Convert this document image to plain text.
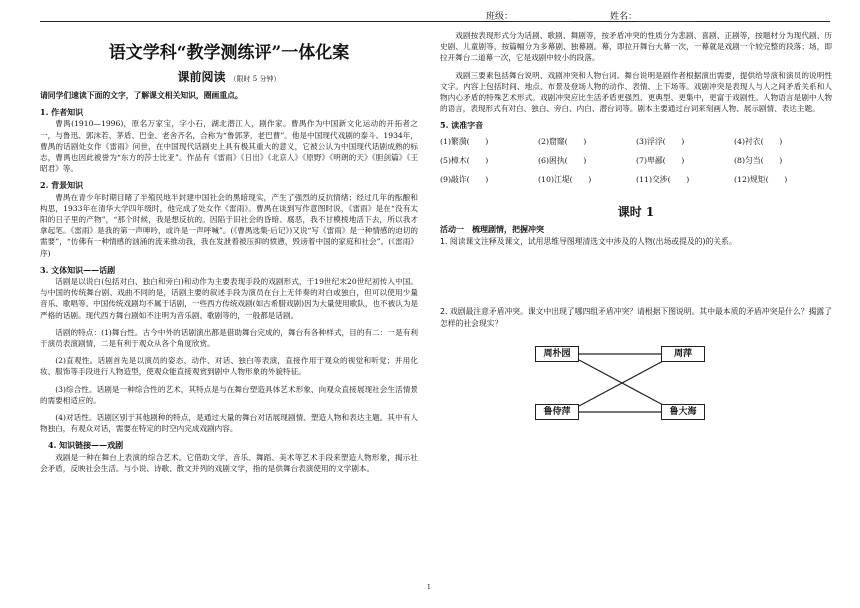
班级：	姓名：
语文学科“教学测练评”一体化案
课前阅读 （限时 5 分钟）
请同学们速读下面的文字，了解课文相关知识，圈画重点。
1. 作者知识
曹禺(1910—1996)，原名万家宝，字小石，湖北潜江人，剧作家。曹禺作为中国新文化运动的开拓者之一，与鲁迅、郭沫若、茅盾、巴金、老舍齐名，合称为“鲁郭茅，老巴曹”。他是中国现代戏剧的泰斗。1934年，曹禺的话剧处女作《雷雨》问世，在中国现代话剧史上具有极其重大的意义，它被公认为中国现代话剧成熟的标志，曹禺也因此被誉为“东方的莎士比亚”。作品有《雷雨》《日出》《北京人》《原野》《明朗的天》《胆剑篇》《王昭君》等。
2. 背景知识
曹禺在青少年时期目睹了半殖民地半封建中国社会的黑暗现实，产生了强烈的反抗情绪；经过几年的酝酿和构思，1933年在清华大学四年级时，他完成了处女作《雷雨》。曹禺在谈到写作意图时说，《雷雨》是在“没有太阳的日子里的产物”，“那个时候，我是想反抗的。因陷于旧社会的昏暗、腐恶，我不甘模棱地活下去，所以我才拿起笔。《雷雨》是我的第一声呻吟，或许是一声呼喊”。(《曹禺选集·后记》)又说“写《雷雨》是一种情感的迫切的需要”，“仿佛有一种情感的汹涌的流来推动我，我在发泄着被压抑的愤懑，毁谤着中国的家庭和社会”。(《雷雨》序)
3. 文体知识——话剧
话剧是以说白(包括对白、独白和旁白)和动作为主要表现手段的戏剧形式，于19世纪末20世纪初传入中国。与中国的传统舞台剧、戏曲不同的是，话剧主要的叙述手段为演员在台上无伴奏的对白或独白，但可以使用少量音乐、歌唱等。中国传统戏剧均不属于话剧，一些西方传统戏剧(如古希腊戏剧)因为大量使用歌队，也不被认为是严格的话剧。现代西方舞台剧如不注明为音乐剧、歌剧等的，一般都是话剧。
话剧的特点：(1)舞台性。古今中外的话剧演出都是借助舞台完成的，舞台有各种样式，目的有二：一是有利于演员表演剧情，二是有利于观众从各个角度欣赏。
(2)直观性。话剧首先是以演员的姿态、动作、对话、独白等表演，直接作用于观众的视觉和听觉；并用化妆、服饰等手段进行人物造型，使观众能直接观赏到剧中人物形象的外貌特征。
(3)综合性。话剧是一种综合性的艺术，其特点是与在舞台塑造具体艺术形象、向观众直接展现社会生活情景的需要相适应的。
(4)对话性。话剧区别于其他剧种的特点，是通过大量的舞台对话展现剧情、塑造人物和表达主题。其中有人物独白，有观众对话，需要在特定的时空内完成戏剧内容。
4. 知识链接——戏剧
戏剧是一种在舞台上表演的综合艺术。它借助文学、音乐、舞蹈、美术等艺术手段来塑造人物形象，揭示社会矛盾，反映社会生活。与小说、诗歌、散文并列的戏剧文学，指的是供舞台表演使用的文学剧本。
戏剧按表现形式分为话剧、歌剧、舞剧等，按矛盾冲突的性质分为悲剧、喜剧、正剧等，按题材分为现代剧、历史剧、儿童剧等，按篇幅分为多幕剧、独幕剧。幕，即拉开舞台大幕一次，一幕就是戏剧一个较完整的段落；场，即拉开舞台二道幕一次，它是戏剧中较小的段落。
戏剧三要素包括舞台说明、戏剧冲突和人物台词。舞台说明是剧作者根据演出需要，提供给导演和演员的说明性文字。内容上包括时间、地点、布景及登场人物的动作、表情、上下场等。戏剧冲突是表现人与人之间矛盾关系和人物内心矛盾的特殊艺术形式。戏剧冲突应比生活矛盾更强烈、更典型、更集中，更富于戏剧性。人物语言是剧中人物的语言，表现形式有对白、独白、旁白、内白、潜台词等。剧本主要通过台词来刻画人物、展示剧情、表达主题。
5. 读准字音
(1)繁漪(　　)	(2)窟窿(　　)	(3)浮浮(　　)	(4)衬衣(　　)
(5)樟木(　　)	(6)困执(　　)	(7)卑鄙(　　)	(8)匀当(　　)
(9)敲诈(　　)	(10)江堤(　　)	(11)交涉(　　)	(12)规矩(　　)
课时 1
活动一 梳理剧情，把握冲突
1. 阅读课文注释及课文，试用思维导图理清选文中涉及的人物(出场或提及的)的关系。
2. 戏剧最注意矛盾冲突。课文中出现了哪四组矛盾冲突？请根据下图说明。其中最本质的矛盾冲突是什么？揭露了怎样的社会现实？
周朴园	周萍
鲁侍萍	鲁大海
1
